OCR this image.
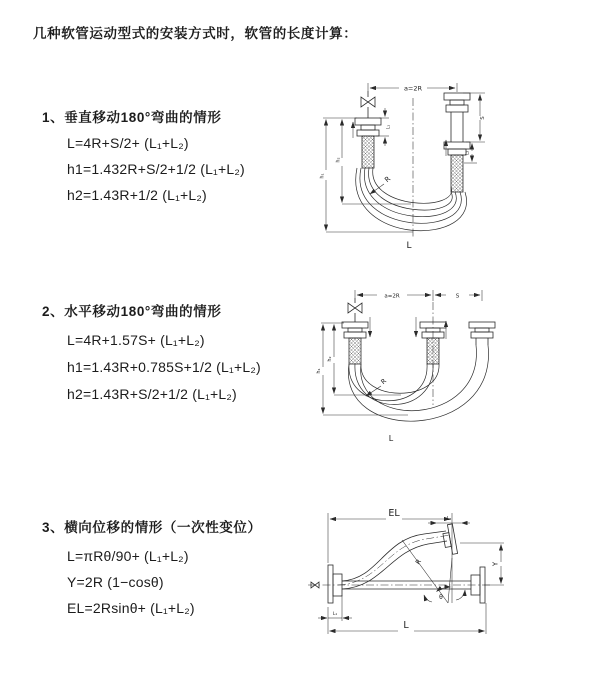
几种软管运动型式的安装方式时，软管的长度计算：
1、垂直移动180°弯曲的情形
L=4R+S/2+ (L₁+L₂)
h1=1.432R+S/2+1/2 (L₁+L₂)
h2=1.43R+1/2 (L₁+L₂)
2、水平移动180°弯曲的情形
L=4R+1.57S+ (L₁+L₂)
h1=1.43R+0.785S+1/2 (L₁+L₂)
h2=1.43R+S/2+1/2 (L₁+L₂)
3、横向位移的情形（一次性变位）
L=πRθ/90+ (L₁+L₂)
Y=2R (1−cosθ)
EL=2Rsinθ+ (L₁+L₂)
a=2R
S
L₂
L₁
h₂
h₁	R
L
a=2R	S
h₂
h₁
R
L
EL	L₂
Y
R
θ
L
L₁
